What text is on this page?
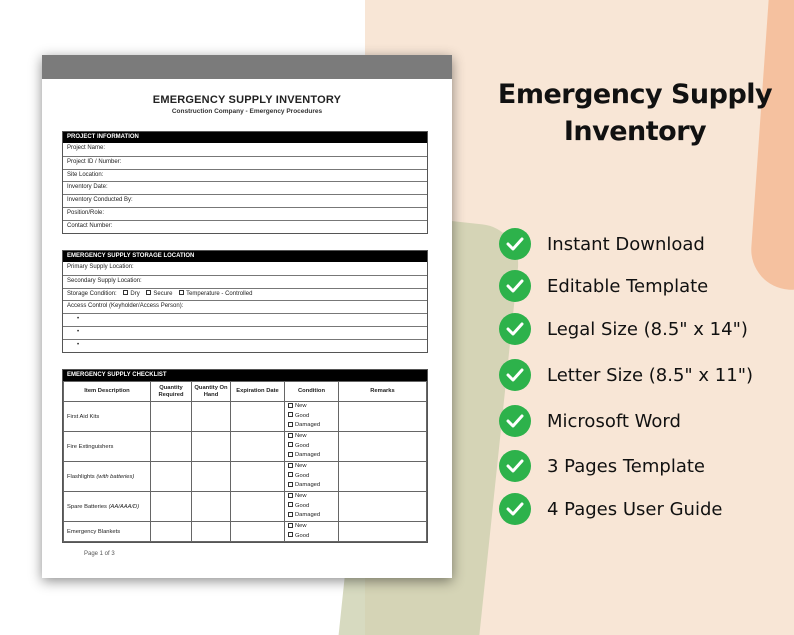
EMERGENCY SUPPLY INVENTORY
Construction Company - Emergency Procedures
PROJECT INFORMATION
Project Name:
Project ID / Number:
Site Location:
Inventory Date:
Inventory Conducted By:
Position/Role:
Contact Number:
EMERGENCY SUPPLY STORAGE LOCATION
Primary Supply Location:
Secondary Supply Location:
Storage Condition: Dry Secure Temperature - Controlled
Access Control (Keyholder/Access Person):
•
•
•
EMERGENCY SUPPLY CHECKLIST
Item Description	Quantity Required	Quantity On Hand	Expiration Date	Condition	Remarks
First Aid Kits				New
Good
Damaged	

Fire Extinguishers				New
Good
Damaged	

Flashlights (with batteries)				New
Good
Damaged	

Spare Batteries (AA/AAA/D)				New
Good
Damaged	

Emergency Blankets				New
Good	

Page 1 of 3
Emergency Supply
Inventory
Instant Download
Editable Template
Legal Size (8.5" x 14")
Letter Size (8.5" x 11")
Microsoft Word
3 Pages Template
4 Pages User Guide
